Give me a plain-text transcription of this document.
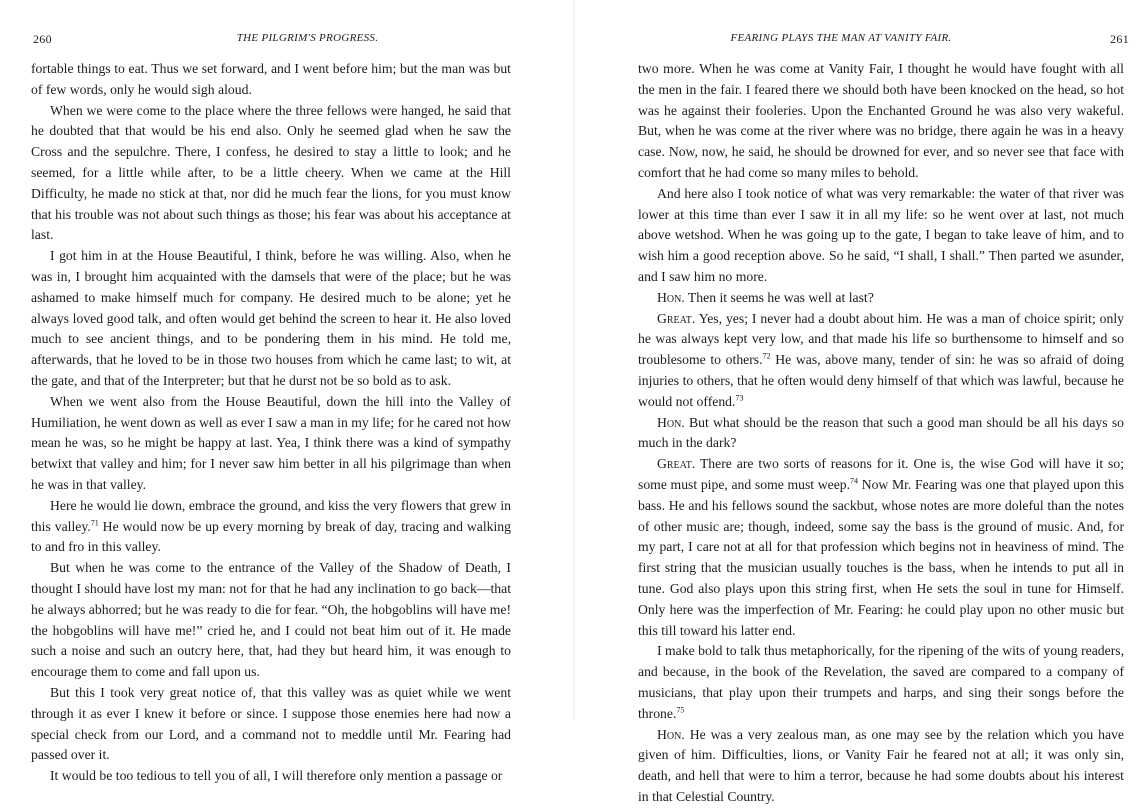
260	THE PILGRIM'S PROGRESS.

fortable things to eat. Thus we set forward, and I went before him; but the man was but of few words, only he would sigh aloud.

When we were come to the place where the three fellows were hanged, he said that he doubted that that would be his end also. Only he seemed glad when he saw the Cross and the sepulchre. There, I confess, he desired to stay a little to look; and he seemed, for a little while after, to be a little cheery. When we came at the Hill Difficulty, he made no stick at that, nor did he much fear the lions, for you must know that his trouble was not about such things as those; his fear was about his acceptance at last.

I got him in at the House Beautiful, I think, before he was willing. Also, when he was in, I brought him acquainted with the damsels that were of the place; but he was ashamed to make himself much for company. He desired much to be alone; yet he always loved good talk, and often would get behind the screen to hear it. He also loved much to see ancient things, and to be pondering them in his mind. He told me, afterwards, that he loved to be in those two houses from which he came last; to wit, at the gate, and that of the Interpreter; but that he durst not be so bold as to ask.

When we went also from the House Beautiful, down the hill into the Valley of Humiliation, he went down as well as ever I saw a man in my life; for he cared not how mean he was, so he might be happy at last. Yea, I think there was a kind of sympathy betwixt that valley and him; for I never saw him better in all his pilgrimage than when he was in that valley.

Here he would lie down, embrace the ground, and kiss the very flowers that grew in this valley.$^{71}$ He would now be up every morning by break of day, tracing and walking to and fro in this valley.

But when he was come to the entrance of the Valley of the Shadow of Death, I thought I should have lost my man: not for that he had any inclination to go back—that he always abhorred; but he was ready to die for fear. “Oh, the hobgoblins will have me! the hobgoblins will have me!” cried he, and I could not beat him out of it. He made such a noise and such an outcry here, that, had they but heard him, it was enough to encourage them to come and fall upon us.

But this I took very great notice of, that this valley was as quiet while we went through it as ever I knew it before or since. I suppose those enemies here had now a special check from our Lord, and a command not to meddle until Mr. Fearing had passed over it.

It would be too tedious to tell you of all, I will therefore only mention a passage or

FEARING PLAYS THE MAN AT VANITY FAIR.	261

two more. When he was come at Vanity Fair, I thought he would have fought with all the men in the fair. I feared there we should both have been knocked on the head, so hot was he against their fooleries. Upon the Enchanted Ground he was also very wakeful. But, when he was come at the river where was no bridge, there again he was in a heavy case. Now, now, he said, he should be drowned for ever, and so never see that face with comfort that he had come so many miles to behold.

And here also I took notice of what was very remarkable: the water of that river was lower at this time than ever I saw it in all my life: so he went over at last, not much above wetshod. When he was going up to the gate, I began to take leave of him, and to wish him a good reception above. So he said, “I shall, I shall.” Then parted we asunder, and I saw him no more.

Hon. Then it seems he was well at last?

Great. Yes, yes; I never had a doubt about him. He was a man of choice spirit; only he was always kept very low, and that made his life so burthensome to himself and so troublesome to others.$^{72}$ He was, above many, tender of sin: he was so afraid of doing injuries to others, that he often would deny himself of that which was lawful, because he would not offend.$^{73}$

Hon. But what should be the reason that such a good man should be all his days so much in the dark?

Great. There are two sorts of reasons for it. One is, the wise God will have it so; some must pipe, and some must weep.$^{74}$ Now Mr. Fearing was one that played upon this bass. He and his fellows sound the sackbut, whose notes are more doleful than the notes of other music are; though, indeed, some say the bass is the ground of music. And, for my part, I care not at all for that profession which begins not in heaviness of mind. The first string that the musician usually touches is the bass, when he intends to put all in tune. God also plays upon this string first, when He sets the soul in tune for Himself. Only here was the imperfection of Mr. Fearing: he could play upon no other music but this till toward his latter end.

I make bold to talk thus metaphorically, for the ripening of the wits of young readers, and because, in the book of the Revelation, the saved are compared to a company of musicians, that play upon their trumpets and harps, and sing their songs before the throne.$^{75}$

Hon. He was a very zealous man, as one may see by the relation which you have given of him. Difficulties, lions, or Vanity Fair he feared not at all; it was only sin, death, and hell that were to him a terror, because he had some doubts about his interest in that Celestial Country.
